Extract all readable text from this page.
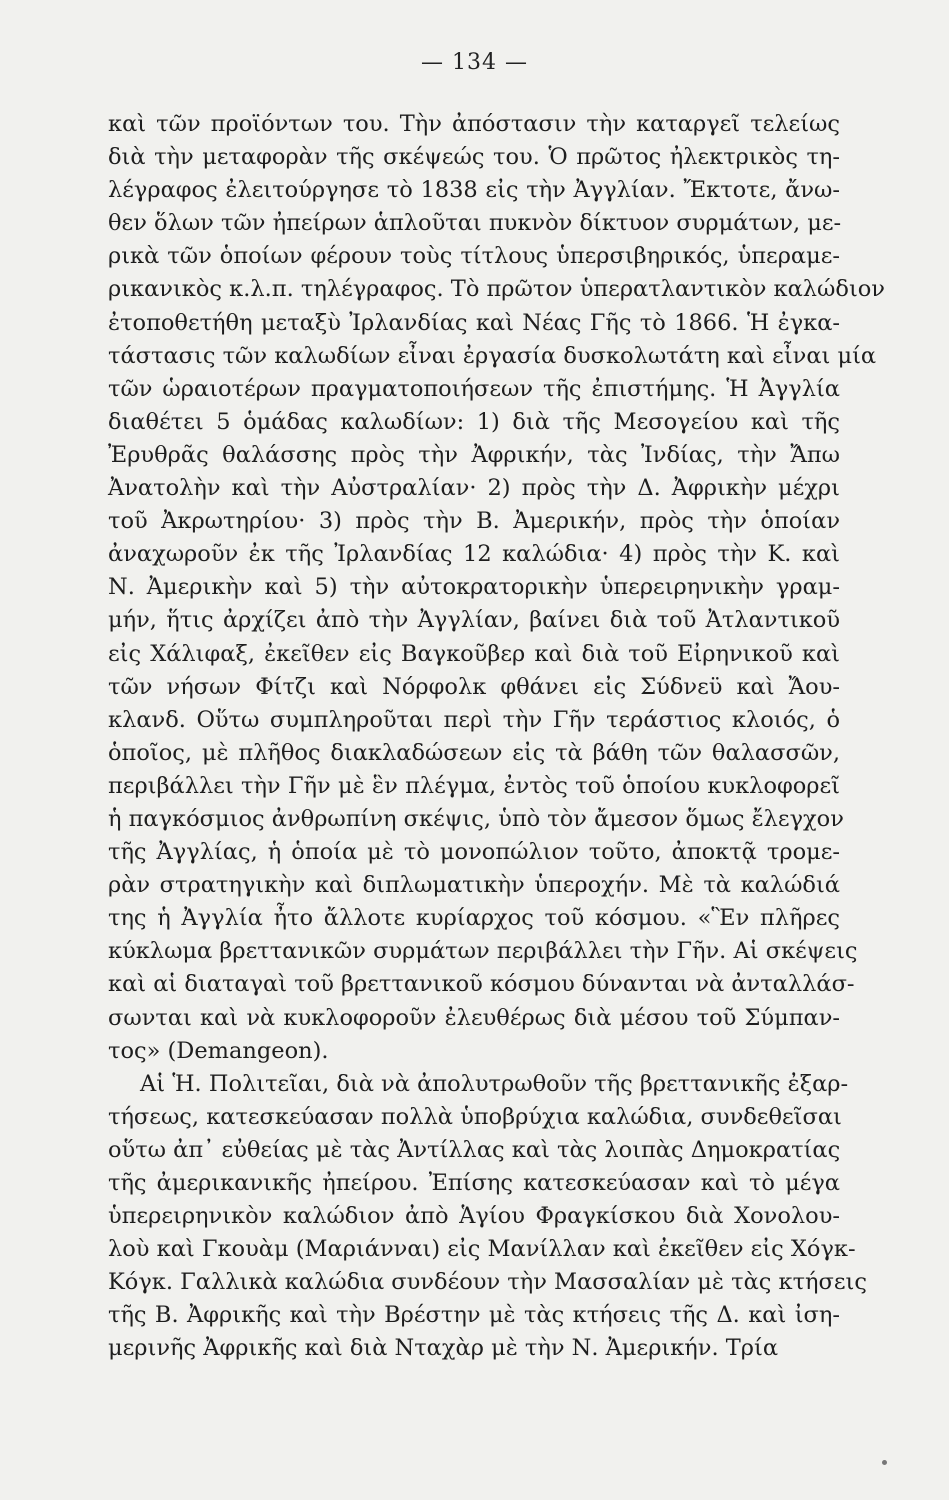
— 134 —
καὶ τῶν προϊόντων του. Τὴν ἀπόστασιν τὴν καταργεῖ τελείως
διὰ τὴν μεταφορὰν τῆς σκέψεώς του. Ὁ πρῶτος ἠλεκτρικὸς τη-
λέγραφος ἐλειτούργησε τὸ 1838 εἰς τὴν Ἀγγλίαν. Ἔκτοτε, ἄνω-
θεν ὅλων τῶν ἠπείρων ἁπλοῦται πυκνὸν δίκτυον συρμάτων, με-
ρικὰ τῶν ὁποίων φέρουν τοὺς τίτλους ὑπερσιβηρικός, ὑπεραμε-
ρικανικὸς κ.λ.π. τηλέγραφος. Τὸ πρῶτον ὑπερατλαντικὸν καλώδιον
ἐτοποθετήθη μεταξὺ Ἰρλανδίας καὶ Νέας Γῆς τὸ 1866. Ἡ ἐγκα-
τάστασις τῶν καλωδίων εἶναι ἐργασία δυσκολωτάτη καὶ εἶναι μία
τῶν ὡραιοτέρων πραγματοποιήσεων τῆς ἐπιστήμης. Ἡ Ἀγγλία
διαθέτει 5 ὁμάδας καλωδίων: 1) διὰ τῆς Μεσογείου καὶ τῆς
Ἐρυθρᾶς θαλάσσης πρὸς τὴν Ἀφρικήν, τὰς Ἰνδίας, τὴν Ἄπω
Ἀνατολὴν καὶ τὴν Αὐστραλίαν· 2) πρὸς τὴν Δ. Ἀφρικὴν μέχρι
τοῦ Ἀκρωτηρίου· 3) πρὸς τὴν Β. Ἀμερικήν, πρὸς τὴν ὁποίαν
ἀναχωροῦν ἐκ τῆς Ἰρλανδίας 12 καλώδια· 4) πρὸς τὴν Κ. καὶ
Ν. Ἀμερικὴν καὶ 5) τὴν αὐτοκρατορικὴν ὑπερειρηνικὴν γραμ-
μήν, ἥτις ἀρχίζει ἀπὸ τὴν Ἀγγλίαν, βαίνει διὰ τοῦ Ἀτλαντικοῦ
εἰς Χάλιφαξ, ἐκεῖθεν εἰς Βαγκοῦβερ καὶ διὰ τοῦ Εἰρηνικοῦ καὶ
τῶν νήσων Φίτζι καὶ Νόρφολκ φθάνει εἰς Σύδνεϋ καὶ Ἄου-
κλανδ. Οὕτω συμπληροῦται περὶ τὴν Γῆν τεράστιος κλοιός, ὁ
ὁποῖος, μὲ πλῆθος διακλαδώσεων εἰς τὰ βάθη τῶν θαλασσῶν,
περιβάλλει τὴν Γῆν μὲ ἓν πλέγμα, ἐντὸς τοῦ ὁποίου κυκλοφορεῖ
ἡ παγκόσμιος ἀνθρωπίνη σκέψις, ὑπὸ τὸν ἄμεσον ὅμως ἔλεγχον
τῆς Ἀγγλίας, ἡ ὁποία μὲ τὸ μονοπώλιον τοῦτο, ἀποκτᾷ τρομε-
ρὰν στρατηγικὴν καὶ διπλωματικὴν ὑπεροχήν. Μὲ τὰ καλώδιά
της ἡ Ἀγγλία ἦτο ἄλλοτε κυρίαρχος τοῦ κόσμου. «Ἓν πλῆρες
κύκλωμα βρεττανικῶν συρμάτων περιβάλλει τὴν Γῆν. Αἱ σκέψεις
καὶ αἱ διαταγαὶ τοῦ βρεττανικοῦ κόσμου δύνανται νὰ ἀνταλλάσ-
σωνται καὶ νὰ κυκλοφοροῦν ἐλευθέρως διὰ μέσου τοῦ Σύμπαν-
τος» (Demangeon).
Αἱ Ἡ. Πολιτεῖαι, διὰ νὰ ἀπολυτρωθοῦν τῆς βρεττανικῆς ἐξαρ-
τήσεως, κατεσκεύασαν πολλὰ ὑποβρύχια καλώδια, συνδεθεῖσαι
οὕτω ἀπ᾽ εὐθείας μὲ τὰς Ἀντίλλας καὶ τὰς λοιπὰς Δημοκρατίας
τῆς ἀμερικανικῆς ἠπείρου. Ἐπίσης κατεσκεύασαν καὶ τὸ μέγα
ὑπερειρηνικὸν καλώδιον ἀπὸ Ἁγίου Φραγκίσκου διὰ Χονολου-
λοὺ καὶ Γκουὰμ (Μαριάνναι) εἰς Μανίλλαν καὶ ἐκεῖθεν εἰς Χόγκ-
Κόγκ. Γαλλικὰ καλώδια συνδέουν τὴν Μασσαλίαν μὲ τὰς κτήσεις
τῆς Β. Ἀφρικῆς καὶ τὴν Βρέστην μὲ τὰς κτήσεις τῆς Δ. καὶ ἰση-
μερινῆς Ἀφρικῆς καὶ διὰ Νταχὰρ μὲ τὴν Ν. Ἀμερικήν. Τρία
